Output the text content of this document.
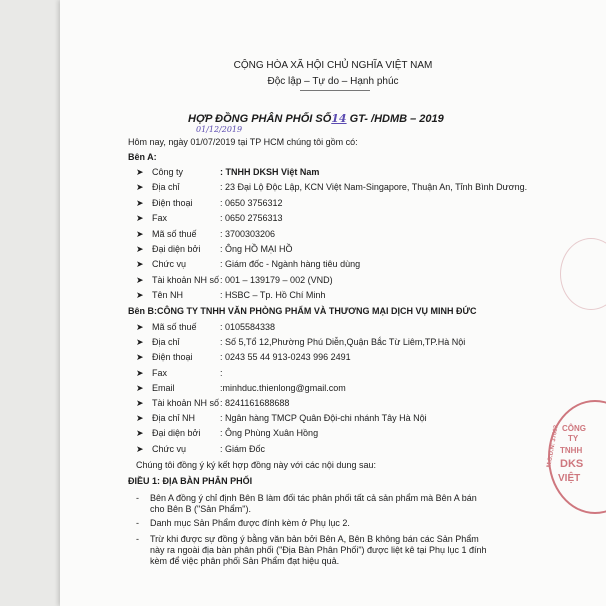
CỘNG HÒA XÃ HỘI CHỦ NGHĨA VIỆT NAM
Độc lập – Tự do – Hạnh phúc
HỢP ĐỒNG PHÂN PHỐI SỐ14 GT- /HDMB – 2019
01/12/2019
Hôm nay, ngày 01/07/2019 tại TP HCM chúng tôi gồm có:
Bên A:
➤ Công ty	: TNHH DKSH Việt Nam
➤ Địa chỉ	: 23 Đại Lộ Độc Lập, KCN Việt Nam-Singapore, Thuận An, Tỉnh Bình Dương.
➤ Điện thoại	: 0650 3756312
➤ Fax	: 0650 2756313
➤ Mã số thuế	: 3700303206
➤ Đại diện bởi : Ông HỒ MẠI HỒ
➤ Chức vụ	: Giám đốc - Ngành hàng tiêu dùng
➤ Tài khoản NH số : 001 – 139179 – 002 (VND)
➤ Tên NH	: HSBC – Tp. Hồ Chí Minh
Bên B:CÔNG TY TNHH VĂN PHÒNG PHẨM VÀ THƯƠNG MẠI DỊCH VỤ MINH ĐỨC
➤ Mã số thuế	: 0105584338
➤ Địa chỉ	: Số 5,Tổ 12,Phường Phú Diễn,Quận Bắc Từ Liêm,TP.Hà Nội
➤ Điện thoại	: 0243 55 44 913-0243 996 2491
➤ Fax	:
➤ Email	:minhduc.thienlong@gmail.com
➤ Tài khoản NH số : 8241161688688
➤ Địa chỉ NH	: Ngân hàng TMCP Quân Đội-chi nhánh Tây Hà Nội
➤ Đại diện bởi : Ông Phùng Xuân Hồng
➤ Chức vụ	: Giám Đốc
Chúng tôi đồng ý ký kết hợp đồng này với các nội dung sau:
ĐIỀU 1: ĐỊA BÀN PHÂN PHỐI
- Bên A đồng ý chỉ định Bên B làm đối tác phân phối tất cả sản phẩm mà Bên A bán
cho Bên B ("Sản Phẩm").
- Danh mục Sản Phẩm được đính kèm ở Phụ lục 2.
- Trừ khi được sự đồng ý bằng văn bản bởi Bên A, Bên B không bán các Sản Phẩm
này ra ngoài địa bàn phân phối ("Địa Bàn Phân Phối") được liệt kê tại Phụ lục 1 đính
kèm để việc phân phối Sản Phẩm đạt hiệu quả.
CÔNG
TY
TNHH
DKS
VIỆT
M.S.D.N: 37003
